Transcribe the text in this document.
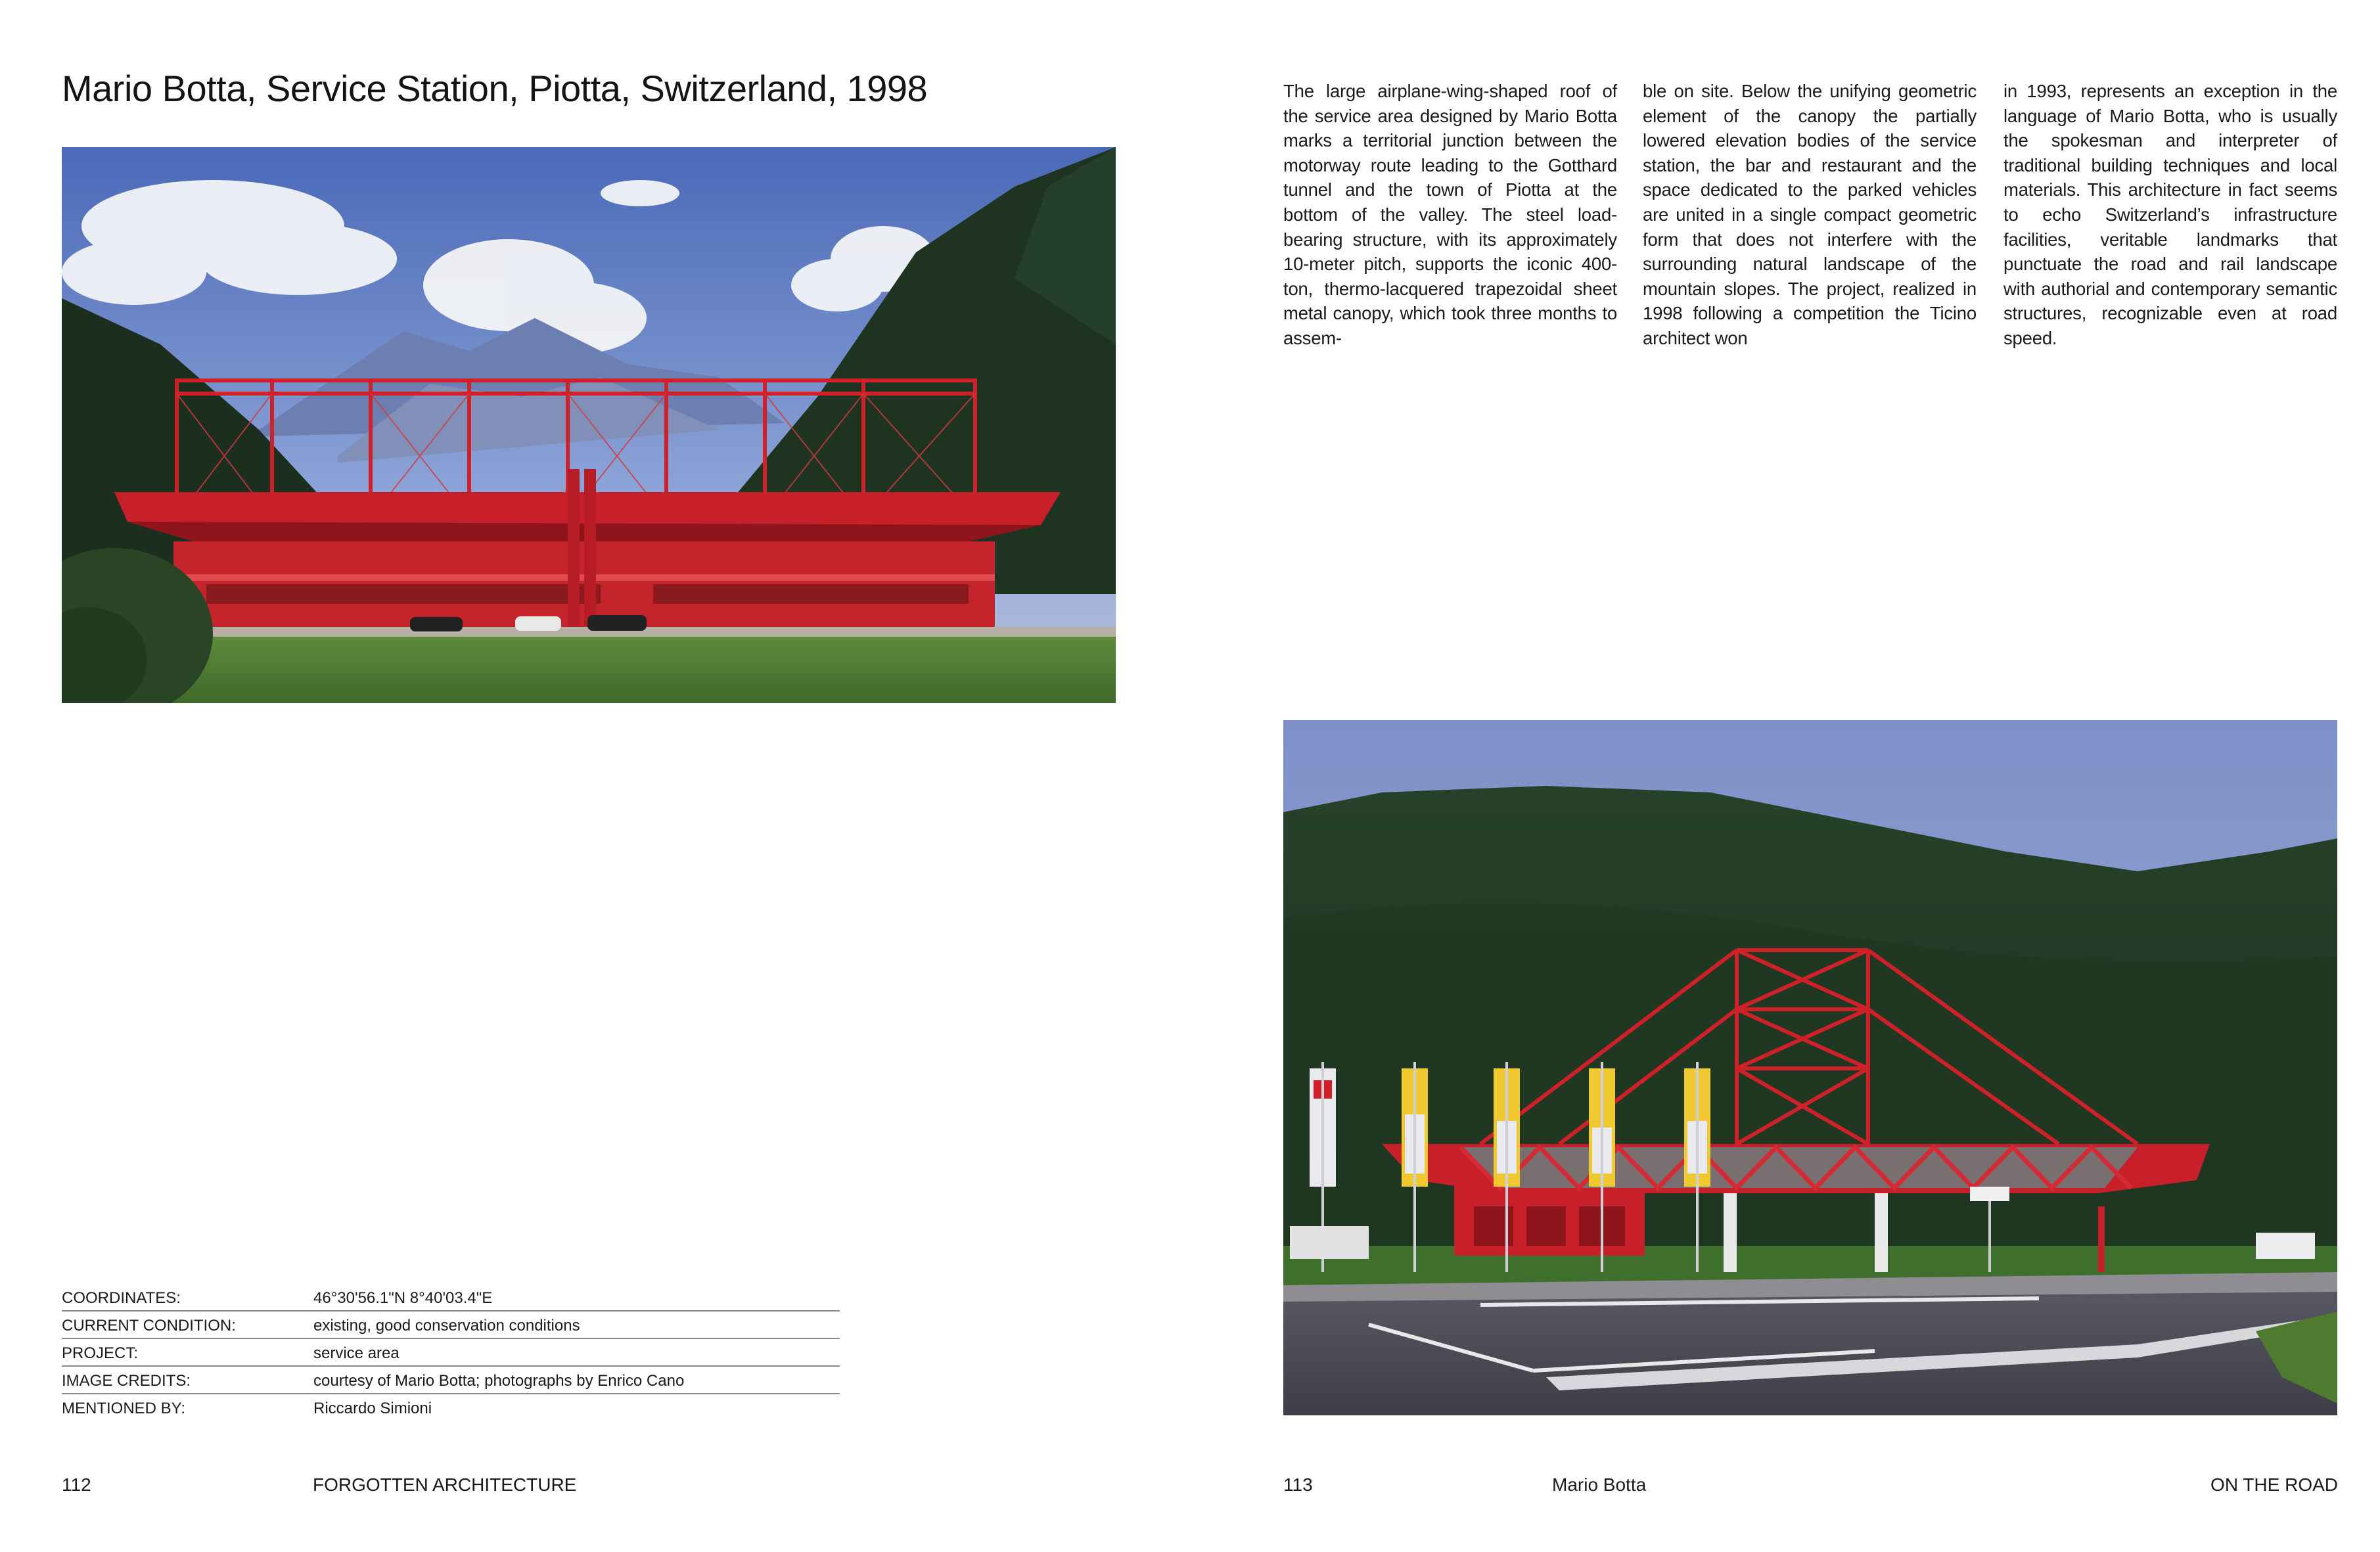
Mario Botta, Service Station, Piotta, Switzerland, 1998
COORDINATES:	46°30'56.1"N 8°40'03.4"E
CURRENT CONDITION:	existing, good conservation conditions
PROJECT:	service area
IMAGE CREDITS:	courtesy of Mario Botta; photographs by Enrico Cano
MENTIONED BY:	Riccardo Simioni
112	FORGOTTEN ARCHITECTURE
The large airplane-wing-shaped roof of the service area designed by Mario Botta marks a territorial junction between the motorway route leading to the Gotthard tunnel and the town of Piotta at the bottom of the valley. The steel load-bearing structure, with its approximately 10-meter pitch, supports the iconic 400-ton, thermo-lacquered trapezoidal sheet metal canopy, which took three months to assem-
ble on site. Below the unifying geometric element of the canopy the partially lowered elevation bodies of the service station, the bar and restaurant and the space dedicated to the parked vehicles are united in a single compact geometric form that does not interfere with the surrounding natural landscape of the mountain slopes. The project, realized in 1998 following a competition the Ticino architect won
in 1993, represents an exception in the language of Mario Botta, who is usually the spokesman and interpreter of traditional building techniques and local materials. This architecture in fact seems to echo Switzerland’s infrastructure facilities, veritable landmarks that punctuate the road and rail landscape with authorial and contemporary semantic structures, recognizable even at road speed.
113	Mario Botta	ON THE ROAD
